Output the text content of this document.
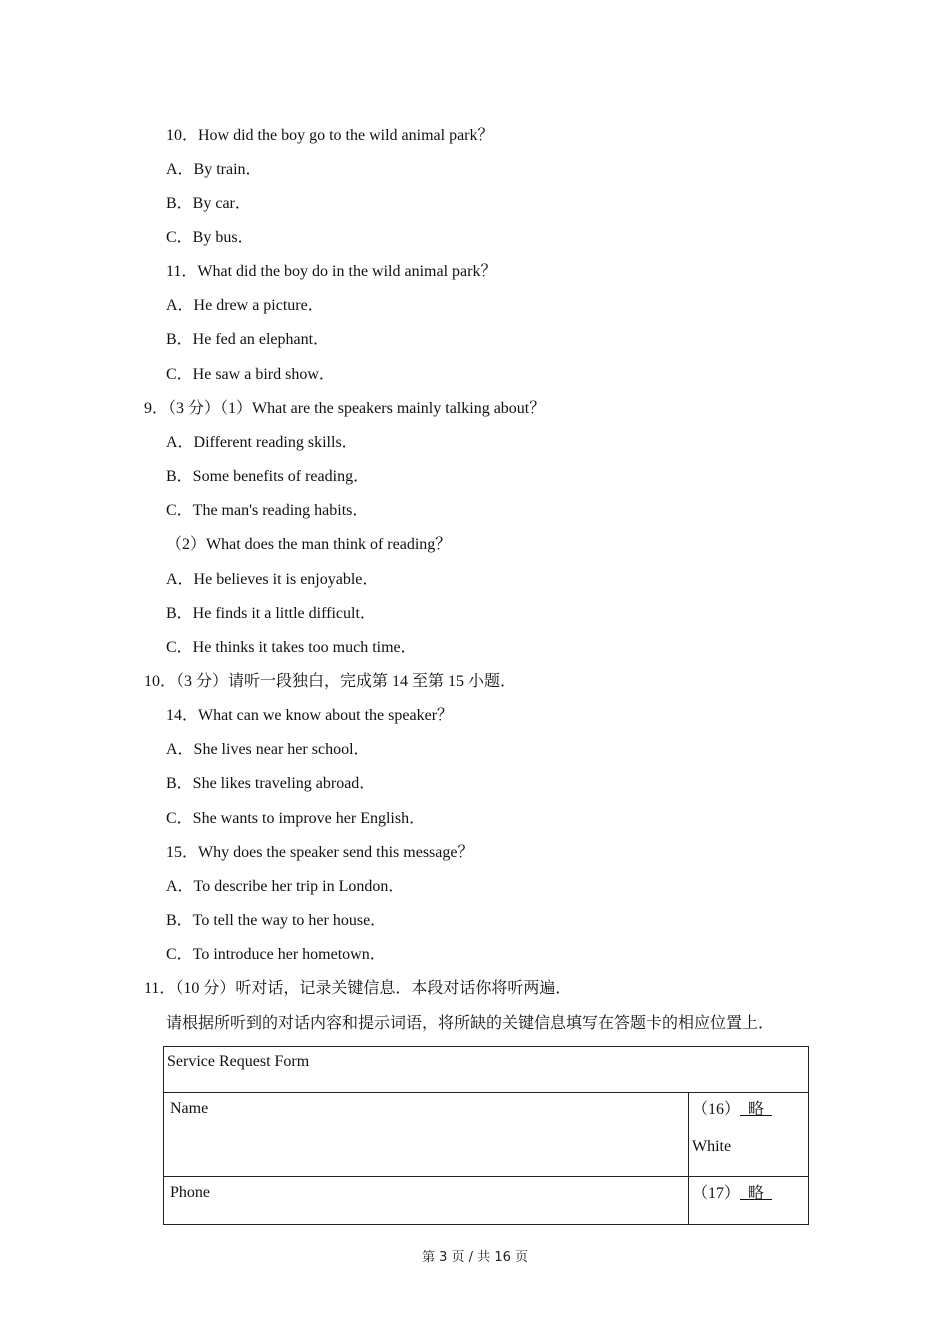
10．How did the boy go to the wild animal park？
A．By train．
B．By car．
C．By bus．
11．What did the boy do in the wild animal park？
A．He drew a picture．
B．He fed an elephant．
C．He saw a bird show．
9．（3 分）（1）What are the speakers mainly talking about？
A．Different reading skills．
B．Some benefits of reading．
C．The man's reading habits．
（2）What does the man think of reading？
A．He believes it is enjoyable．
B．He finds it a little difficult．
C．He thinks it takes too much time．
10．（3 分）请听一段独白，完成第 14 至第 15 小题．
14．What can we know about the speaker？
A．She lives near her school．
B．She likes traveling abroad．
C．She wants to improve her English．
15．Why does the speaker send this message？
A．To describe her trip in London．
B．To tell the way to her house．
C．To introduce her hometown．
11．（10 分）听对话，记录关键信息．本段对话你将听两遍．
请根据所听到的对话内容和提示词语，将所缺的关键信息填写在答题卡的相应位置上．
Service Request Form	
Name	（16）  略
White

Phone	（17）  略
第 3 页 / 共 16 页
